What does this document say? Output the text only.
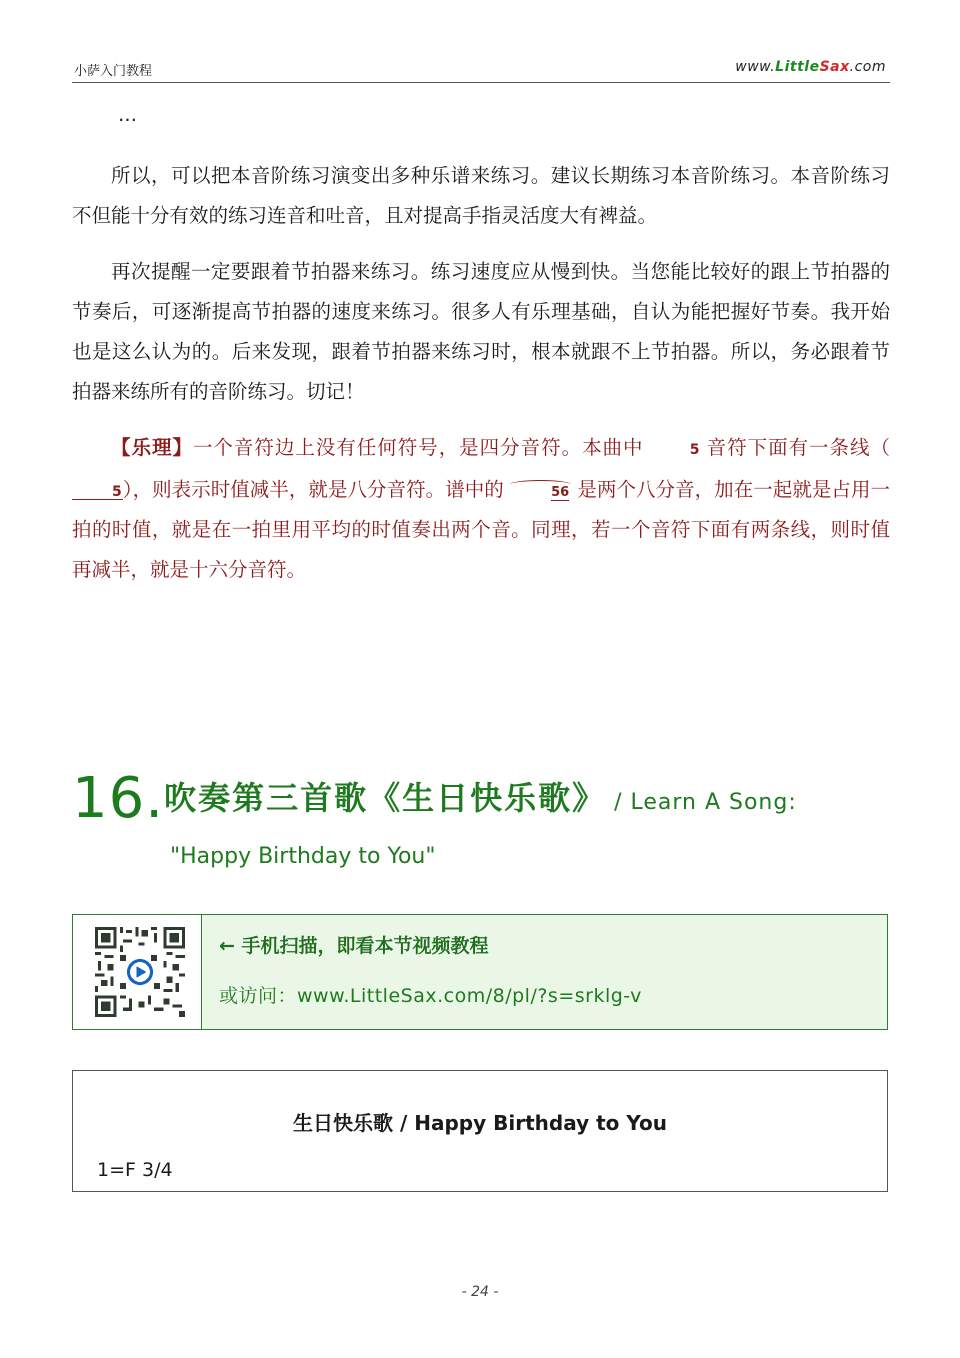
小萨入门教程	www.LittleSax.com
…

所以，可以把本音阶练习演变出多种乐谱来练习。建议长期练习本音阶练习。本音阶练习不但能十分有效的练习连音和吐音，且对提高手指灵活度大有裨益。

再次提醒一定要跟着节拍器来练习。练习速度应从慢到快。当您能比较好的跟上节拍器的节奏后，可逐渐提高节拍器的速度来练习。很多人有乐理基础，自认为能把握好节奏。我开始也是这么认为的。后来发现，跟着节拍器来练习时，根本就跟不上节拍器。所以，务必跟着节拍器来练所有的音阶练习。切记！

【乐理】一个音符边上没有任何符号，是四分音符。本曲中	5 音符下面有一条线（5），则表示时值减半，就是八分音符。谱中的	56 是两个八分音，加在一起就是占用一拍的时值，就是在一拍里用平均的时值奏出两个音。同理，若一个音符下面有两条线，则时值再减半，就是十六分音符。

16.吹奏第三首歌《生日快乐歌》 / Learn A Song:
"Happy Birthday to You"
← 手机扫描，即看本节视频教程
或访问：www.LittleSax.com/8/pl/?s=srklg-v
生日快乐歌 / Happy Birthday to You
1=F 3/4
- 24 -
